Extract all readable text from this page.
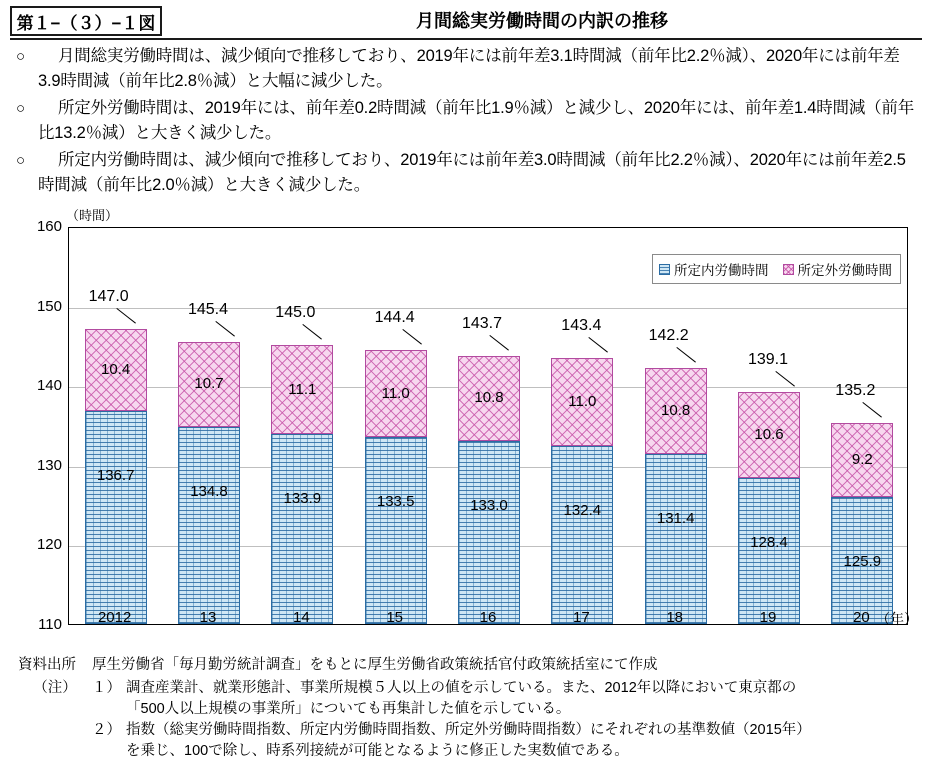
第１−（３）−１図	月間総実労働時間の内訳の推移
○	月間総実労働時間は、減少傾向で推移しており、2019年には前年差3.1時間減（前年比2.2％減）、2020年には前年差3.9時間減（前年比2.8％減）と大幅に減少した。
○	所定外労働時間は、2019年には、前年差0.2時間減（前年比1.9％減）と減少し、2020年には、前年差1.4時間減（前年比13.2％減）と大きく減少した。
○	所定内労働時間は、減少傾向で推移しており、2019年には前年差3.0時間減（前年比2.2％減）、2020年には前年差2.5時間減（前年比2.0％減）と大きく減少した。
（時間）
所定内労働時間 所定外労働時間
136.7
10.4
134.8
10.7
133.9
11.1
133.5
11.0
133.0
10.8
132.4
11.0
131.4
10.8
128.4
10.6
125.9
9.2
（年）
110
120
130
140
150
160
147.0
2012
145.4
13
145.0
14
144.4
15
143.7
16
143.4
17
142.2
18
139.1
19
135.2
20
資料出所	厚生労働省「毎月勤労統計調査」をもとに厚生労働省政策統括官付政策統括室にて作成
（注）	１） 調査産業計、就業形態計、事業所規模５人以上の値を示している。また、2012年以降において東京都の
「500人以上規模の事業所」についても再集計した値を示している。
２） 指数（総実労働時間指数、所定内労働時間指数、所定外労働時間指数）にそれぞれの基準数値（2015年）
を乗じ、100で除し、時系列接続が可能となるように修正した実数値である。
